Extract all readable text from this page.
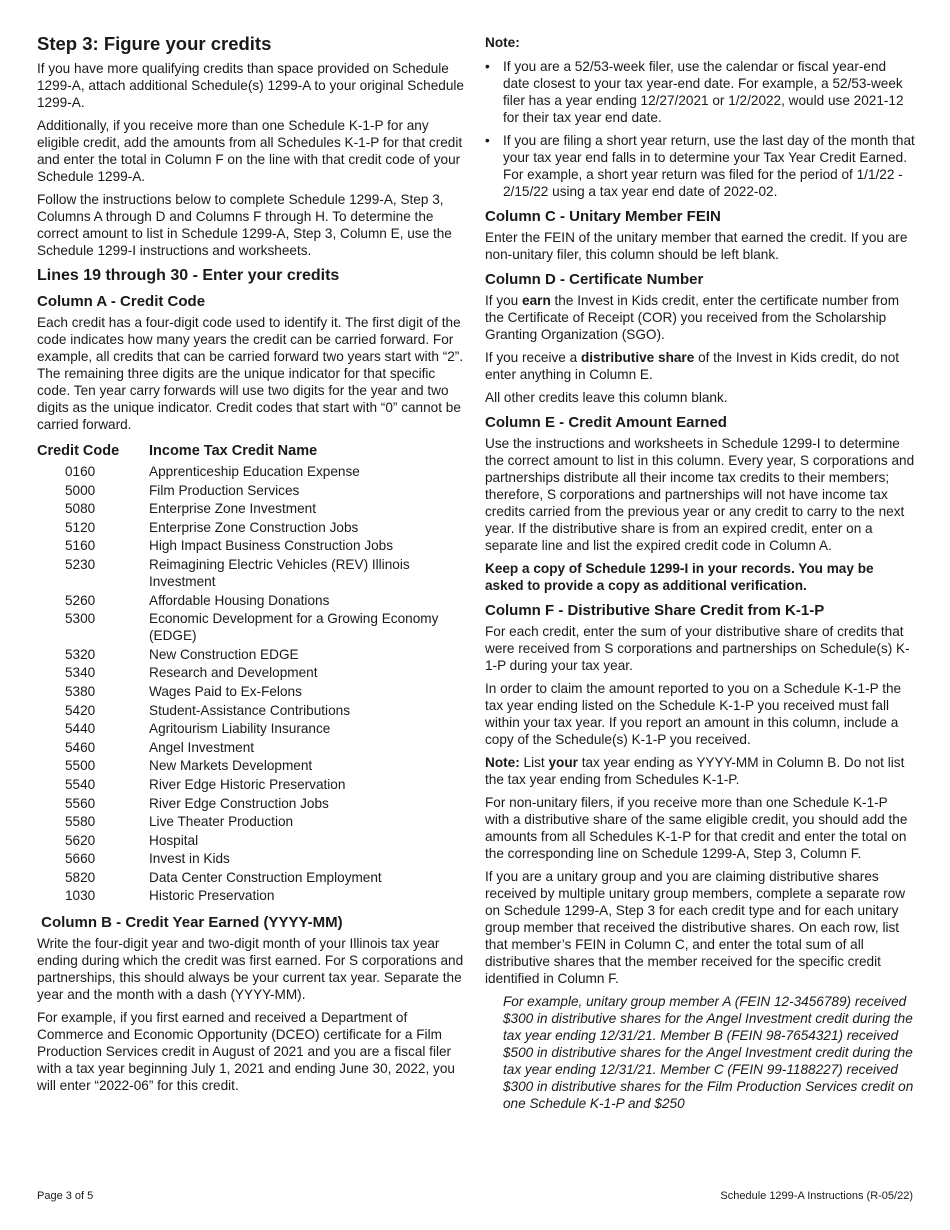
Step 3: Figure your credits

If you have more qualifying credits than space provided on Schedule 1299-A, attach additional Schedule(s) 1299-A to your original Schedule 1299-A.

Additionally, if you receive more than one Schedule K-1-P for any eligible credit, add the amounts from all Schedules K-1-P for that credit and enter the total in Column F on the line with that credit code of your Schedule 1299-A.

Follow the instructions below to complete Schedule 1299-A, Step 3, Columns A through D and Columns F through H. To determine the correct amount to list in Schedule 1299-A, Step 3, Column E, use the Schedule 1299-I instructions and worksheets.

Lines 19 through 30 - Enter your credits
Column A - Credit Code

Each credit has a four-digit code used to identify it. The first digit of the code indicates how many years the credit can be carried forward. For example, all credits that can be carried forward two years start with “2”. The remaining three digits are the unique indicator for that specific code. Ten year carry forwards will use two digits for the year and two digits as the unique indicator. Credit codes that start with “0” cannot be carried forward.

Credit Code	Income Tax Credit Name
0160	Apprenticeship Education Expense
5000	Film Production Services
5080	Enterprise Zone Investment
5120	Enterprise Zone Construction Jobs
5160	High Impact Business Construction Jobs
5230	Reimagining Electric Vehicles (REV) Illinois Investment
5260	Affordable Housing Donations
5300	Economic Development for a Growing Economy (EDGE)
5320	New Construction EDGE
5340	Research and Development
5380	Wages Paid to Ex-Felons
5420	Student-Assistance Contributions
5440	Agritourism Liability Insurance
5460	Angel Investment
5500	New Markets Development
5540	River Edge Historic Preservation
5560	River Edge Construction Jobs
5580	Live Theater Production
5620	Hospital
5660	Invest in Kids
5820	Data Center Construction Employment
1030	Historic Preservation
Column B - Credit Year Earned (YYYY-MM)

Write the four-digit year and two-digit month of your Illinois tax year ending during which the credit was first earned. For S corporations and partnerships, this should always be your current tax year. Separate the year and the month with a dash (YYYY-MM).

For example, if you first earned and received a Department of Commerce and Economic Opportunity (DCEO) certificate for a Film Production Services credit in August of 2021 and you are a fiscal filer with a tax year beginning July 1, 2021 and ending June 30, 2022, you will enter “2022-06” for this credit.

Note:
• If you are a 52/53-week filer, use the calendar or fiscal year-end date closest to your tax year-end date. For example, a 52/53-week filer has a year ending 12/27/2021 or 1/2/2022, would use 2021-12 for their tax year end date.
• If you are filing a short year return, use the last day of the month that your tax year end falls in to determine your Tax Year Credit Earned. For example, a short year return was filed for the period of 1/1/22 - 2/15/22 using a tax year end date of 2022-02.
Column C - Unitary Member FEIN

Enter the FEIN of the unitary member that earned the credit. If you are non-unitary filer, this column should be left blank.

Column D - Certificate Number

If you earn the Invest in Kids credit, enter the certificate number from the Certificate of Receipt (COR) you received from the Scholarship Granting Organization (SGO).

If you receive a distributive share of the Invest in Kids credit, do not enter anything in Column E.

All other credits leave this column blank.

Column E - Credit Amount Earned

Use the instructions and worksheets in Schedule 1299-I to determine the correct amount to list in this column. Every year, S corporations and partnerships distribute all their income tax credits to their members; therefore, S corporations and partnerships will not have income tax credits carried from the previous year or any credit to carry to the next year. If the distributive share is from an expired credit, enter on a separate line and list the expired credit code in Column A.

Keep a copy of Schedule 1299-I in your records. You may be asked to provide a copy as additional verification.

Column F - Distributive Share Credit from K-1-P

For each credit, enter the sum of your distributive share of credits that were received from S corporations and partnerships on Schedule(s) K-1-P during your tax year.

In order to claim the amount reported to you on a Schedule K-1-P the tax year ending listed on the Schedule K-1-P you received must fall within your tax year. If you report an amount in this column, include a copy of the Schedule(s) K-1-P you received.

Note: List your tax year ending as YYYY-MM in Column B. Do not list the tax year ending from Schedules K-1-P.

For non-unitary filers, if you receive more than one Schedule K-1-P with a distributive share of the same eligible credit, you should add the amounts from all Schedules K-1-P for that credit and enter the total on the corresponding line on Schedule 1299-A, Step 3, Column F.

If you are a unitary group and you are claiming distributive shares received by multiple unitary group members, complete a separate row on Schedule 1299-A, Step 3 for each credit type and for each unitary group member that received the distributive shares. On each row, list that member’s FEIN in Column C, and enter the total sum of all distributive shares that the member received for the specific credit identified in Column F.

For example, unitary group member A (FEIN 12-3456789) received $300 in distributive shares for the Angel Investment credit during the tax year ending 12/31/21. Member B (FEIN 98-7654321) received $500 in distributive shares for the Angel Investment credit during the tax year ending 12/31/21. Member C (FEIN 99-1188227) received $300 in distributive shares for the Film Production Services credit on one Schedule K-1-P and $250

Page 3 of 5	Schedule 1299-A Instructions (R-05/22)
